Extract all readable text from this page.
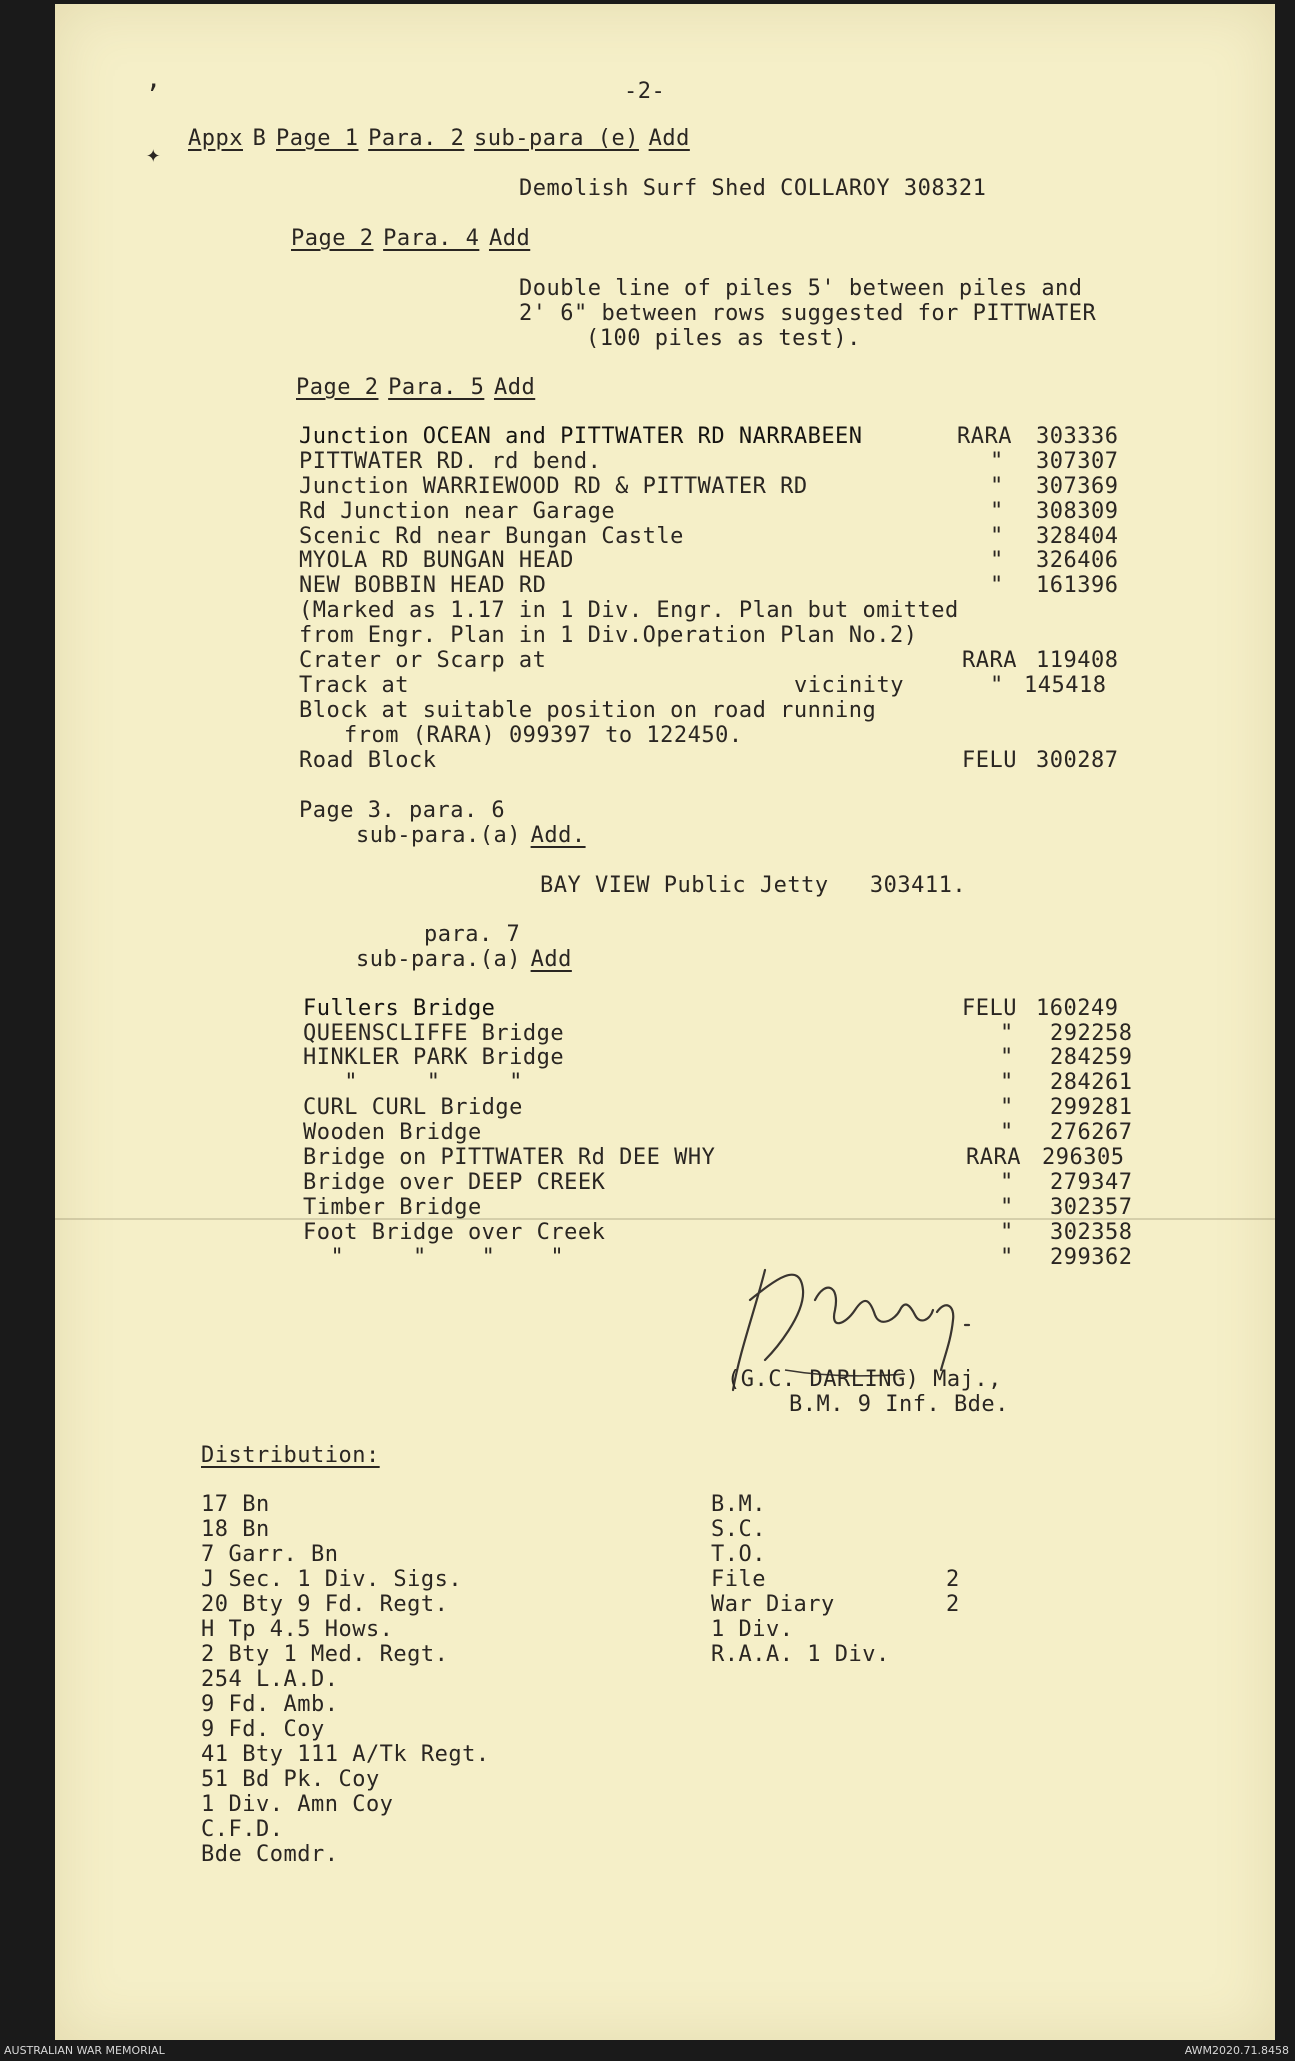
’
✦
-2-
Appx B Page 1 Para. 2 sub-para (e) Add
Demolish Surf Shed COLLAROY 308321
Page 2 Para. 4 Add
Double line of piles 5' between piles and
2' 6" between rows suggested for PITTWATER
(100 piles as test).
Page 2 Para. 5 Add
Junction OCEAN and PITTWATER RD NARRABEEN	RARA 303336
PITTWATER RD. rd bend.	" 307307
Junction WARRIEWOOD RD & PITTWATER RD	" 307369
Rd Junction near Garage	" 308309
Scenic Rd near Bungan Castle	" 328404
MYOLA RD BUNGAN HEAD	" 326406
NEW BOBBIN HEAD RD	" 161396
(Marked as 1.17 in 1 Div. Engr. Plan but omitted
from Engr. Plan in 1 Div.Operation Plan No.2)
Crater or Scarp at	RARA 119408
Track at	vicinity	" 145418
Block at suitable position on road running
from (RARA) 099397 to 122450.
Road Block	FELU 300287
Page 3. para. 6
sub-para.(a) Add.
BAY VIEW Public Jetty   303411.
para. 7
sub-para.(a) Add
Fullers Bridge	FELU 160249
QUEENSCLIFFE Bridge	" 292258
HINKLER PARK Bridge	" 284259
"     "     "	" 284261
CURL CURL Bridge	" 299281
Wooden Bridge	" 276267
Bridge on PITTWATER Rd DEE WHY	RARA 296305
Bridge over DEEP CREEK	" 279347
Timber Bridge	" 302357
Foot Bridge over Creek	" 302358
"     "    "    "	" 299362
(G.C. DARLING) Maj.,
B.M. 9 Inf. Bde.
Distribution:
17 Bn
18 Bn
7 Garr. Bn
J Sec. 1 Div. Sigs.
20 Bty 9 Fd. Regt.
H Tp 4.5 Hows.
2 Bty 1 Med. Regt.
254 L.A.D.
9 Fd. Amb.
9 Fd. Coy
41 Bty 111 A/Tk Regt.
51 Bd Pk. Coy
1 Div. Amn Coy
C.F.D.
Bde Comdr.
B.M.
S.C.
T.O.
File	2
War Diary	2
1 Div.
R.A.A. 1 Div.
AUSTRALIAN WAR MEMORIAL	AWM2020.71.8458
